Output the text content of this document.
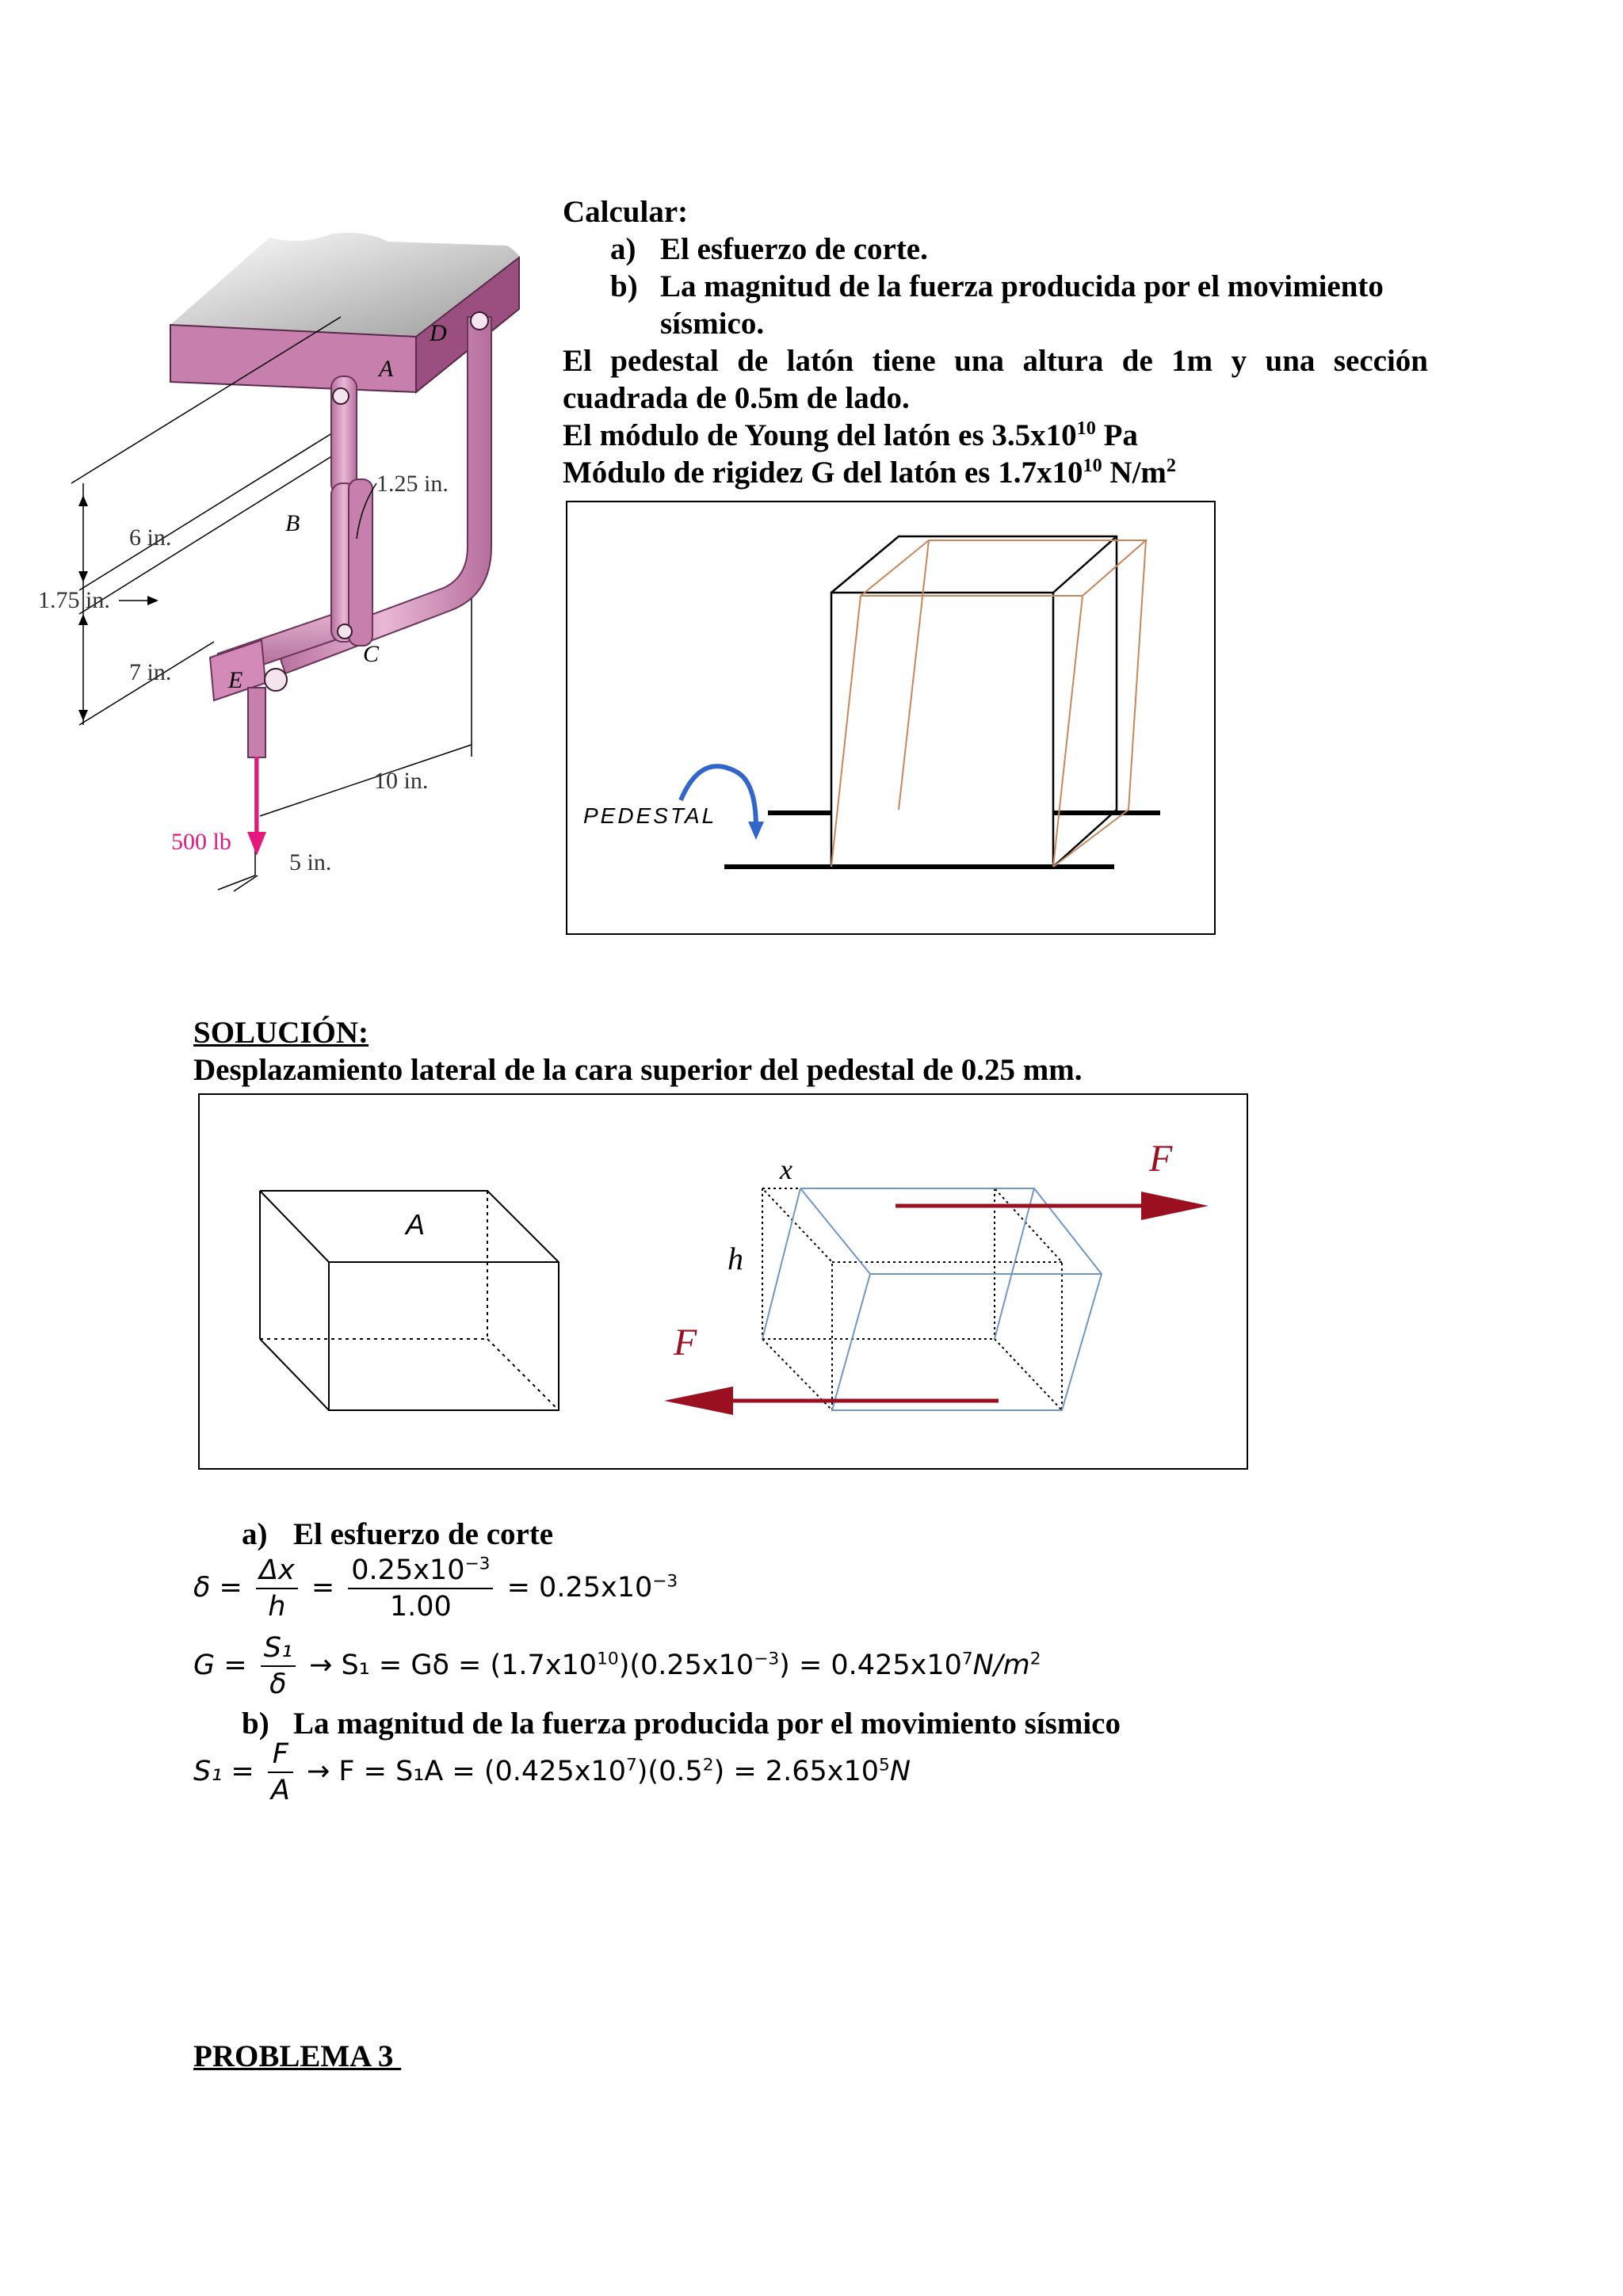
Calcular:
a) El esfuerzo de corte.
b) La magnitud de la fuerza producida por el movimiento
sísmico.
El pedestal de latón tiene una altura de 1m y una sección cuadrada de 0.5m de lado.
El módulo de Young del latón es $3.5x10^{10}$ Pa
Módulo de rigidez G del latón es $1.7x10^{10}$ $N/m^2$
A
B
C
D
E
1.25 in.
6 in.
1.75 in.
7 in.
10 in.
5 in.
500 lb
PEDESTAL
SOLUCIÓN:
Desplazamiento lateral de la cara superior del pedestal de 0.25 mm.
A
x
h
F
F
a) El esfuerzo de corte
$\delta = \frac{\Delta x}{h} = \frac{0.25x10^{-3}}{1.00} = 0.25x10^{-3}$
$G = \frac{\text{S₁}}{\delta} \to S_1 = G\delta = (1.7x10^{10})(0.25x10^{-3}) = 0.425x10^7N/m^2$
b) La magnitud de la fuerza producida por el movimiento sísmico
$S_1 = \frac{F}{A} \to F = S_1A = (0.425x10^7)(0.5^2) = 2.65x10^5N$
PROBLEMA 3
